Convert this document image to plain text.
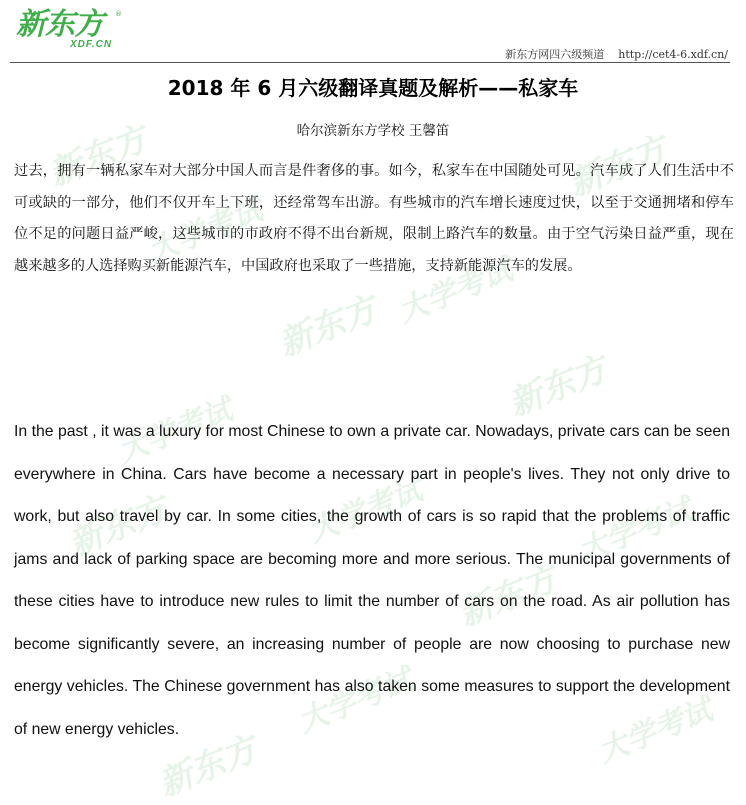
新东方 ®
XDF.CN
新东方网四六级频道 http://cet4-6.xdf.cn/
新东方
新东方
新东方
新东方
新东方
新东方
新东方
大学考试
大学考试
大学考试
大学考试	大学考试
大学考试	大学考试
2018 年 6 月六级翻译真题及解析——私家车
哈尔滨新东方学校 王馨笛

过去，拥有一辆私家车对大部分中国人而言是件奢侈的事。如今，私家车在中国随处可见。汽车成了人们生活中不可或缺的一部分，他们不仅开车上下班，还经常驾车出游。有些城市的汽车增长速度过快，以至于交通拥堵和停车位不足的问题日益严峻，这些城市的市政府不得不出台新规，限制上路汽车的数量。由于空气污染日益严重，现在越来越多的人选择购买新能源汽车，中国政府也采取了一些措施，支持新能源汽车的发展。

In the past , it was a luxury for most Chinese to own a private car. Nowadays, private cars can be seen everywhere in China. Cars have become a necessary part in people's lives. They not only drive to work, but also travel by car. In some cities, the growth of cars is so rapid that the problems of traffic jams and lack of parking space are becoming more and more serious. The municipal governments of these cities have to introduce new rules to limit the number of cars on the road. As air pollution has become significantly severe, an increasing number of people are now choosing to purchase new energy vehicles. The Chinese government has also taken some measures to support the development of new energy vehicles.
